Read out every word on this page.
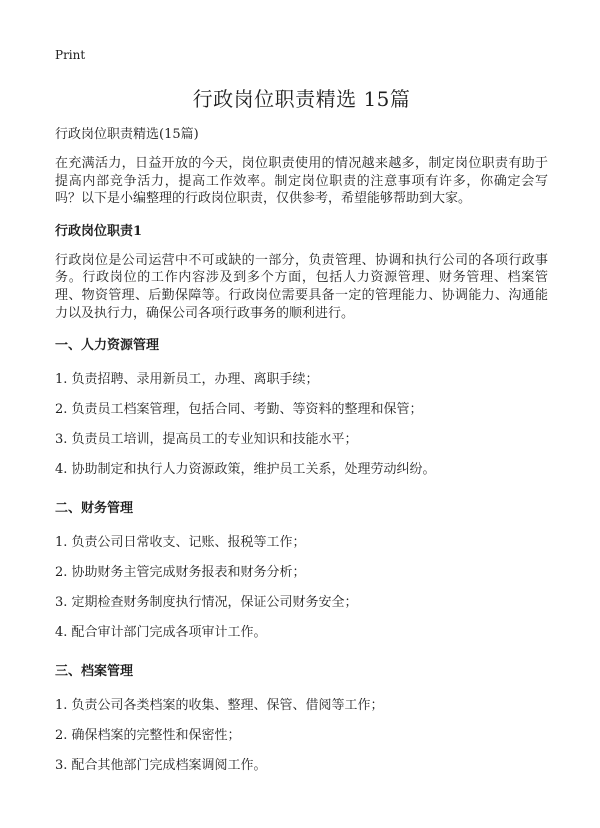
Print
行政岗位职责精选 15篇
行政岗位职责精选(15篇)

在充满活力，日益开放的今天，岗位职责使用的情况越来越多，制定岗位职责有助于提高内部竞争活力，提高工作效率。制定岗位职责的注意事项有许多，你确定会写吗？以下是小编整理的行政岗位职责，仅供参考，希望能够帮助到大家。

行政岗位职责1

行政岗位是公司运营中不可或缺的一部分，负责管理、协调和执行公司的各项行政事务。行政岗位的工作内容涉及到多个方面，包括人力资源管理、财务管理、档案管理、物资管理、后勤保障等。行政岗位需要具备一定的管理能力、协调能力、沟通能力以及执行力，确保公司各项行政事务的顺利进行。

一、人力资源管理
1. 负责招聘、录用新员工，办理、离职手续；
2. 负责员工档案管理，包括合同、考勤、等资料的整理和保管；
3. 负责员工培训，提高员工的专业知识和技能水平；
4. 协助制定和执行人力资源政策，维护员工关系，处理劳动纠纷。
二、财务管理
1. 负责公司日常收支、记账、报税等工作；
2. 协助财务主管完成财务报表和财务分析；
3. 定期检查财务制度执行情况，保证公司财务安全；
4. 配合审计部门完成各项审计工作。
三、档案管理
1. 负责公司各类档案的收集、整理、保管、借阅等工作；
2. 确保档案的完整性和保密性；
3. 配合其他部门完成档案调阅工作。
